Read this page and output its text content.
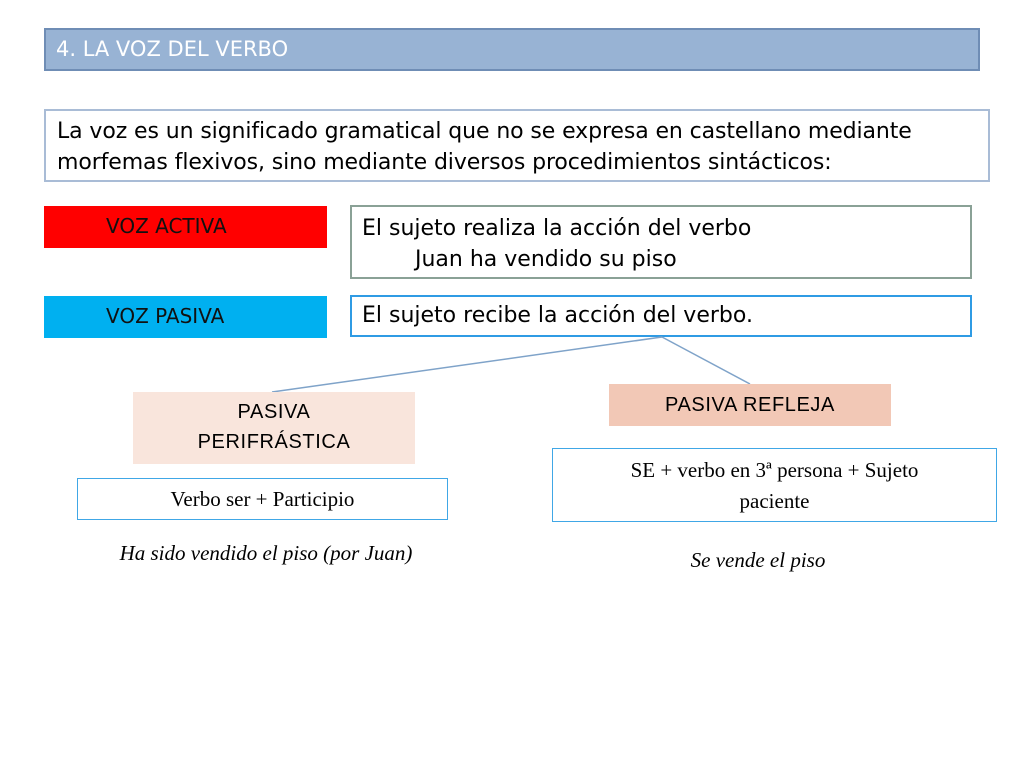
4. LA VOZ DEL VERBO
La voz es un significado gramatical que no se expresa en castellano mediante
morfemas flexivos, sino mediante diversos procedimientos sintácticos:
VOZ ACTIVA	El sujeto realiza la acción del verbo
Juan ha vendido su piso
VOZ PASIVA	El sujeto recibe la acción del verbo.
PASIVA
PERIFRÁSTICA
PASIVA REFLEJA
Verbo ser + Participio
SE + verbo en 3ª persona + Sujeto
paciente
Ha sido vendido el piso (por Juan)	Se vende el piso
